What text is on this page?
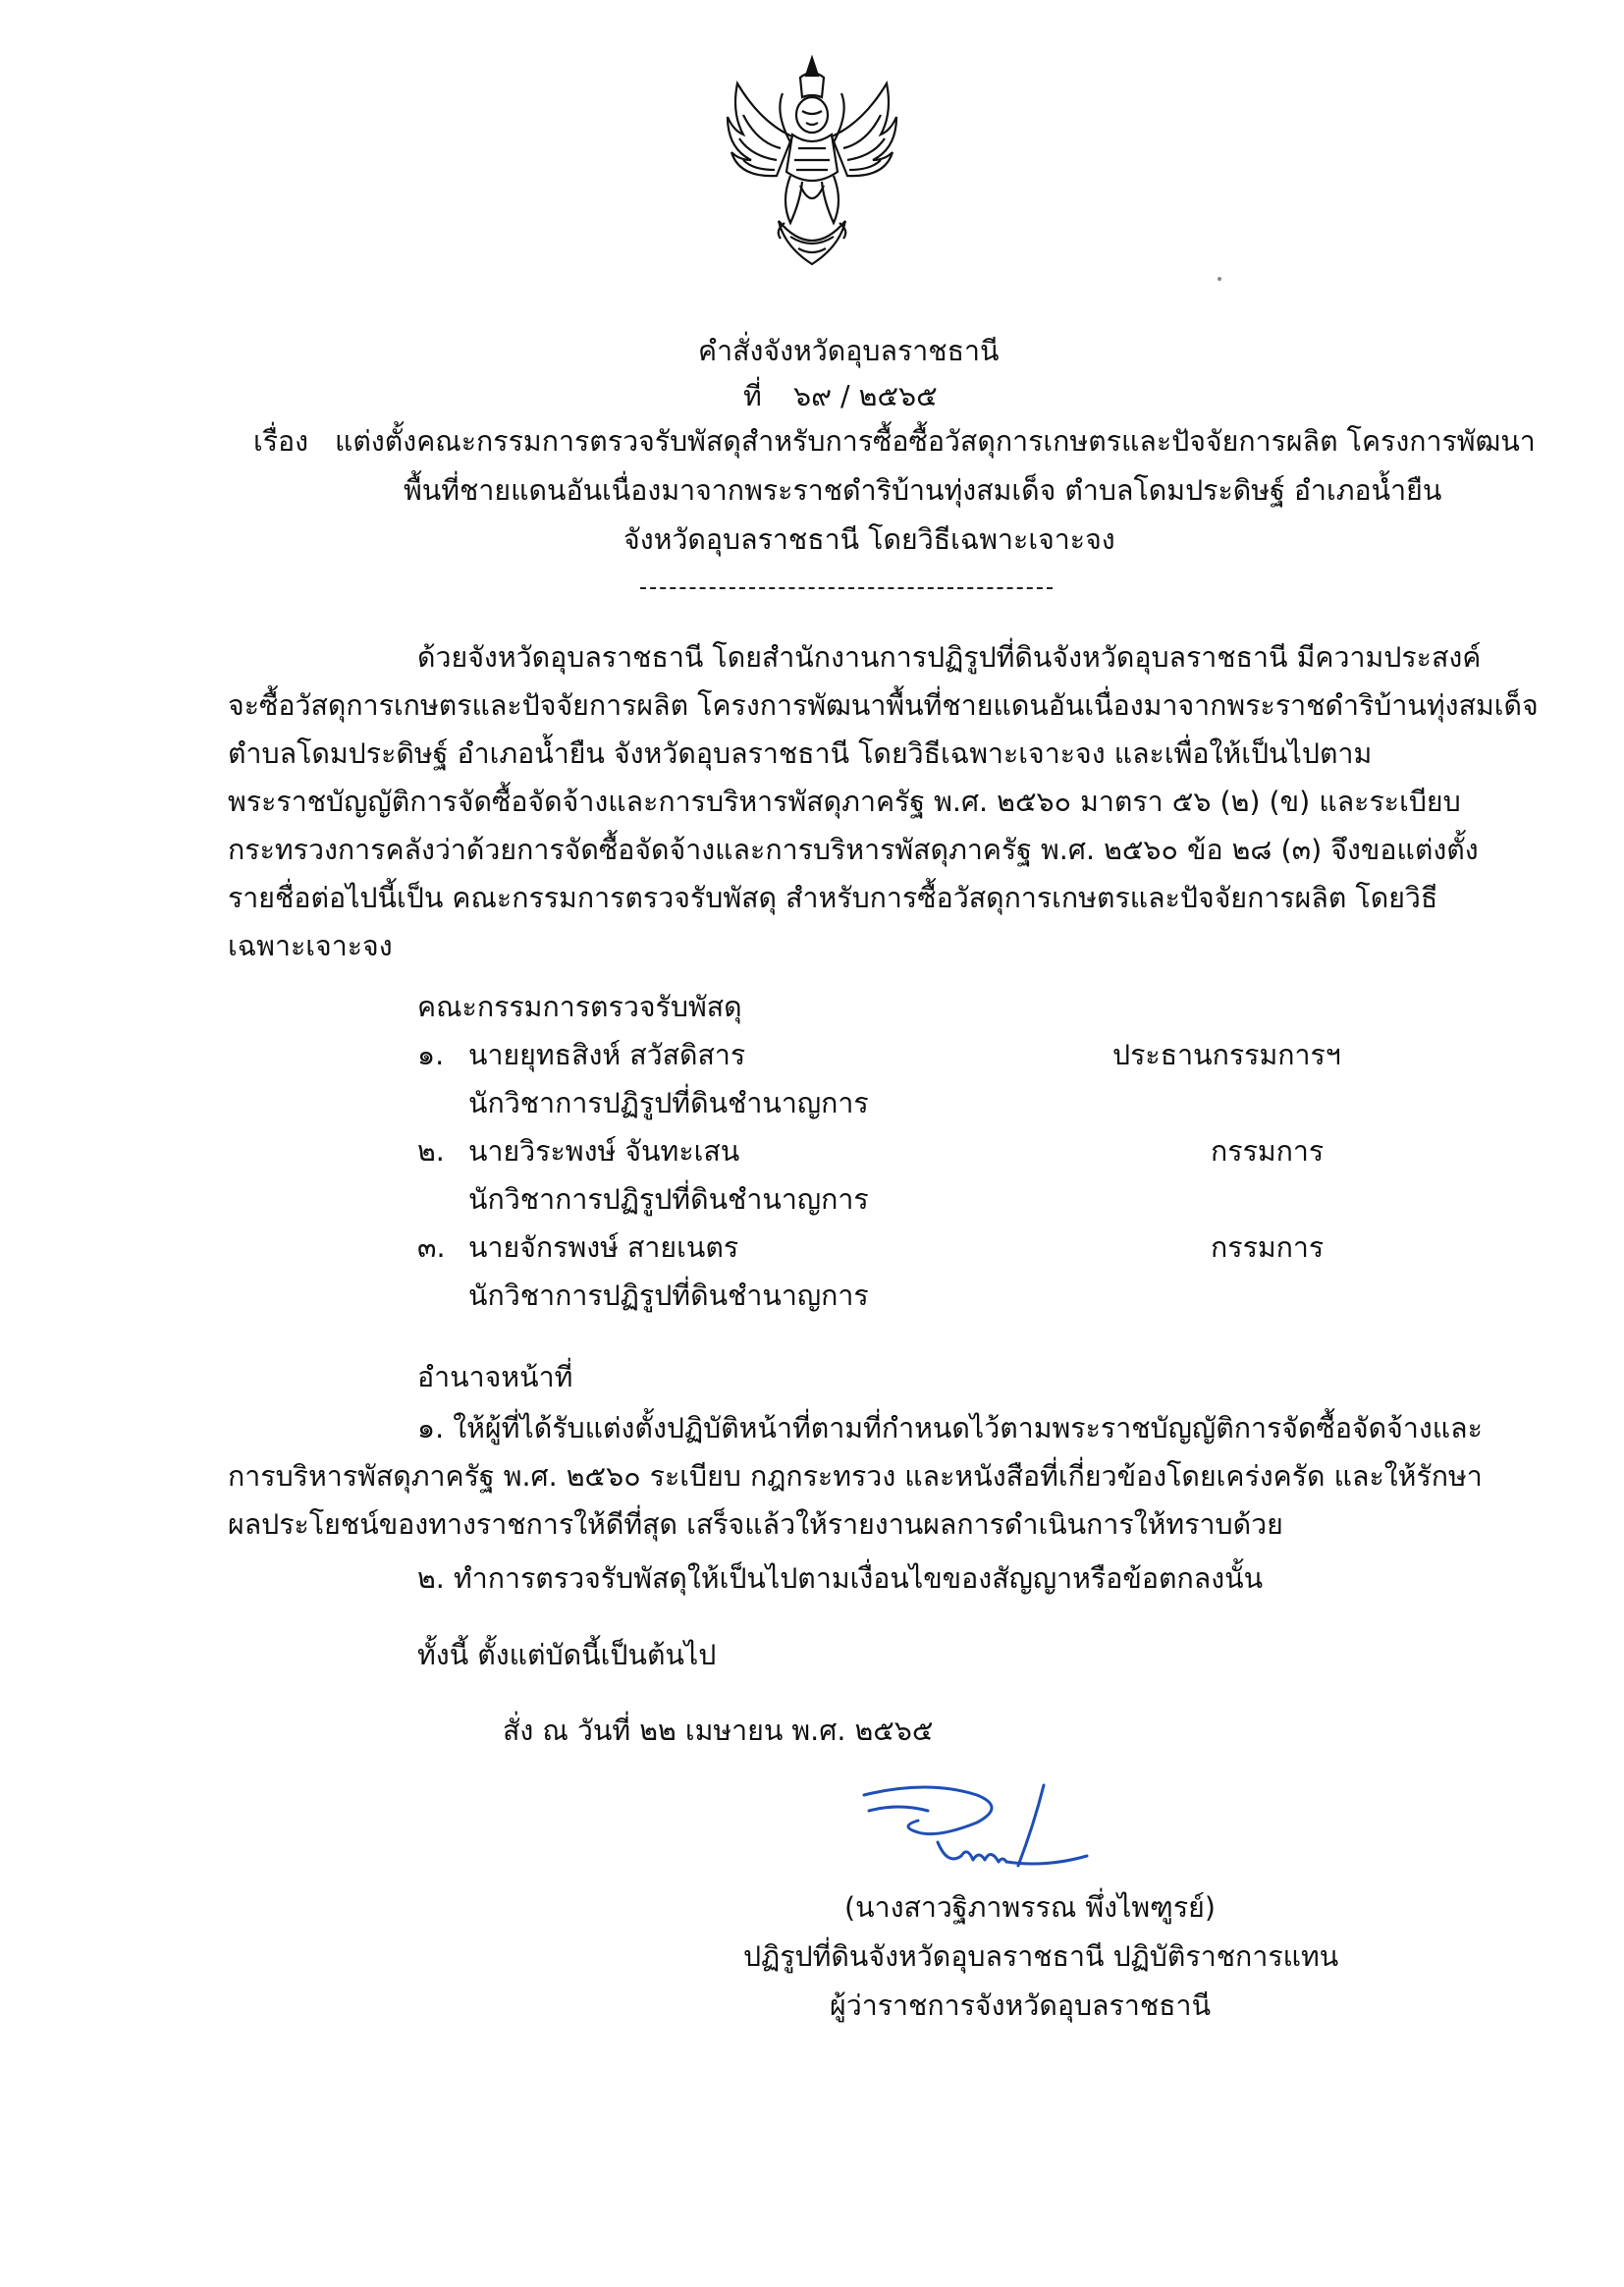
คำสั่งจังหวัดอุบลราชธานี
ที่ ๖๙ / ๒๕๖๕
เรื่อง แต่งตั้งคณะกรรมการตรวจรับพัสดุสำหรับการซื้อซื้อวัสดุการเกษตรและปัจจัยการผลิต โครงการพัฒนา
พื้นที่ชายแดนอันเนื่องมาจากพระราชดำริบ้านทุ่งสมเด็จ ตำบลโดมประดิษฐ์ อำเภอน้ำยืน
จังหวัดอุบลราชธานี โดยวิธีเฉพาะเจาะจง
ด้วยจังหวัดอุบลราชธานี โดยสำนักงานการปฏิรูปที่ดินจังหวัดอุบลราชธานี มีความประสงค์
จะซื้อวัสดุการเกษตรและปัจจัยการผลิต โครงการพัฒนาพื้นที่ชายแดนอันเนื่องมาจากพระราชดำริบ้านทุ่งสมเด็จ
ตำบลโดมประดิษฐ์ อำเภอน้ำยืน จังหวัดอุบลราชธานี โดยวิธีเฉพาะเจาะจง และเพื่อให้เป็นไปตาม
พระราชบัญญัติการจัดซื้อจัดจ้างและการบริหารพัสดุภาครัฐ พ.ศ. ๒๕๖๐ มาตรา ๕๖ (๒) (ข) และระเบียบ
กระทรวงการคลังว่าด้วยการจัดซื้อจัดจ้างและการบริหารพัสดุภาครัฐ พ.ศ. ๒๕๖๐ ข้อ ๒๘ (๓) จึงขอแต่งตั้ง
รายชื่อต่อไปนี้เป็น คณะกรรมการตรวจรับพัสดุ สำหรับการซื้อวัสดุการเกษตรและปัจจัยการผลิต โดยวิธี
เฉพาะเจาะจง
คณะกรรมการตรวจรับพัสดุ
๑. นายยุทธสิงห์ สวัสดิสาร	ประธานกรรมการฯ
นักวิชาการปฏิรูปที่ดินชำนาญการ
๒. นายวิระพงษ์ จันทะเสน	กรรมการ
นักวิชาการปฏิรูปที่ดินชำนาญการ
๓. นายจักรพงษ์ สายเนตร	กรรมการ
นักวิชาการปฏิรูปที่ดินชำนาญการ
อำนาจหน้าที่
๑. ให้ผู้ที่ได้รับแต่งตั้งปฏิบัติหน้าที่ตามที่กำหนดไว้ตามพระราชบัญญัติการจัดซื้อจัดจ้างและ
การบริหารพัสดุภาครัฐ พ.ศ. ๒๕๖๐ ระเบียบ กฎกระทรวง และหนังสือที่เกี่ยวข้องโดยเคร่งครัด และให้รักษา
ผลประโยชน์ของทางราชการให้ดีที่สุด เสร็จแล้วให้รายงานผลการดำเนินการให้ทราบด้วย
๒. ทำการตรวจรับพัสดุให้เป็นไปตามเงื่อนไขของสัญญาหรือข้อตกลงนั้น
ทั้งนี้ ตั้งแต่บัดนี้เป็นต้นไป
สั่ง ณ วันที่ ๒๒ เมษายน พ.ศ. ๒๕๖๕
(นางสาวฐิภาพรรณ พึ่งไพฑูรย์)
ปฏิรูปที่ดินจังหวัดอุบลราชธานี ปฏิบัติราชการแทน
ผู้ว่าราชการจังหวัดอุบลราชธานี
